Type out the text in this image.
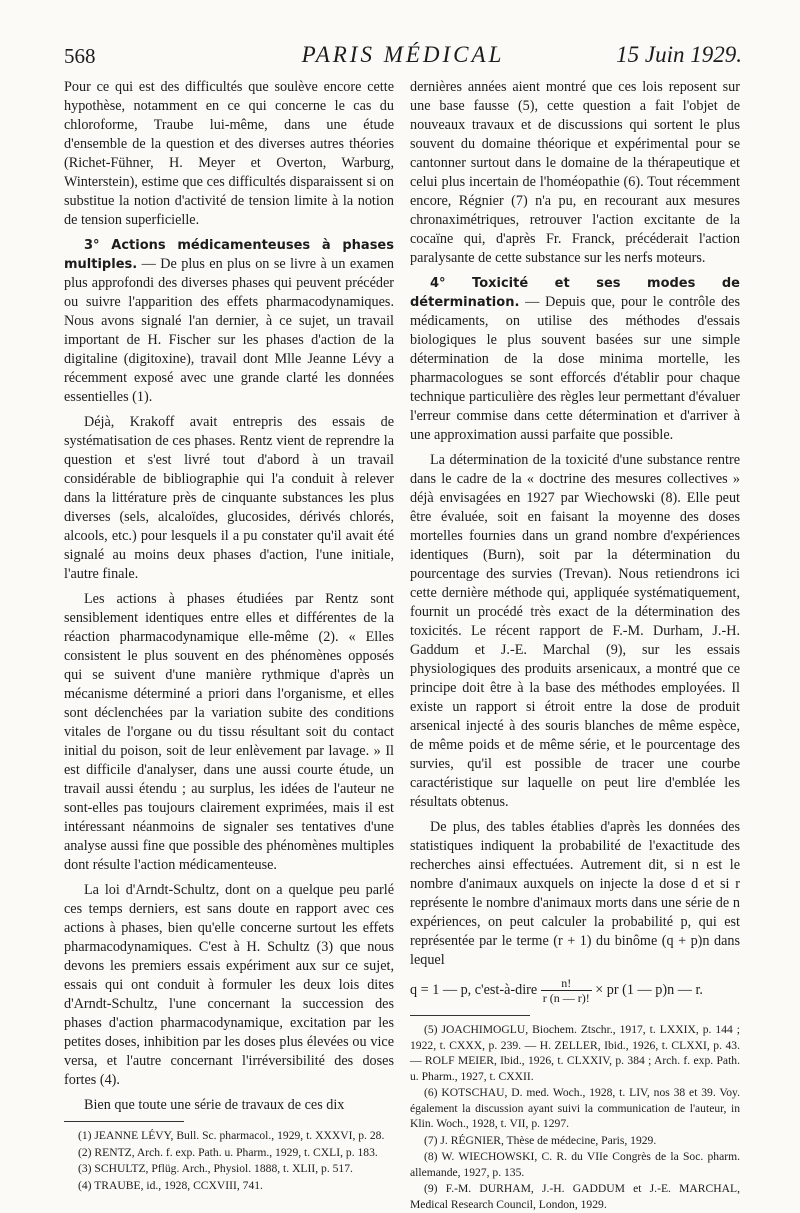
568	PARIS MÉDICAL	15 Juin 1929.

Pour ce qui est des difficultés que soulève encore cette hypothèse, notamment en ce qui concerne le cas du chloroforme, Traube lui-même, dans une étude d'ensemble de la question et des diverses autres théories (Richet-Fühner, H. Meyer et Overton, Warburg, Winterstein), estime que ces difficultés disparaissent si on substitue la notion d'activité de tension limite à la notion de tension superficielle.

3° Actions médicamenteuses à phases multiples. — De plus en plus on se livre à un examen plus approfondi des diverses phases qui peuvent précéder ou suivre l'apparition des effets pharmacodynamiques. Nous avons signalé l'an dernier, à ce sujet, un travail important de H. Fischer sur les phases d'action de la digitaline (digitoxine), travail dont Mlle Jeanne Lévy a récemment exposé avec une grande clarté les données essentielles (1).

Déjà, Krakoff avait entrepris des essais de systématisation de ces phases. Rentz vient de reprendre la question et s'est livré tout d'abord à un travail considérable de bibliographie qui l'a conduit à relever dans la littérature près de cinquante substances les plus diverses (sels, alcaloïdes, glucosides, dérivés chlorés, alcools, etc.) pour lesquels il a pu constater qu'il avait été signalé au moins deux phases d'action, l'une initiale, l'autre finale.

Les actions à phases étudiées par Rentz sont sensiblement identiques entre elles et différentes de la réaction pharmacodynamique elle-même (2). « Elles consistent le plus souvent en des phénomènes opposés qui se suivent d'une manière rythmique d'après un mécanisme déterminé a priori dans l'organisme, et elles sont déclenchées par la variation subite des conditions vitales de l'organe ou du tissu résultant soit du contact initial du poison, soit de leur enlèvement par lavage. » Il est difficile d'analyser, dans une aussi courte étude, un travail aussi étendu ; au surplus, les idées de l'auteur ne sont-elles pas toujours clairement exprimées, mais il est intéressant néanmoins de signaler ses tentatives d'une analyse aussi fine que possible des phénomènes multiples dont résulte l'action médicamenteuse.

La loi d'Arndt-Schultz, dont on a quelque peu parlé ces temps derniers, est sans doute en rapport avec ces actions à phases, bien qu'elle concerne surtout les effets pharmacodynamiques. C'est à H. Schultz (3) que nous devons les premiers essais expériment aux sur ce sujet, essais qui ont conduit à formuler les deux lois dites d'Arndt-Schultz, l'une concernant la succession des phases d'action pharmacodynamique, excitation par les petites doses, inhibition par les doses plus élevées ou vice versa, et l'autre concernant l'irréversibilité des doses fortes (4).

Bien que toute une série de travaux de ces dix

(1) JEANNE LÉVY, Bull. Sc. pharmacol., 1929, t. XXXVI, p. 28.
(2) RENTZ, Arch. f. exp. Path. u. Pharm., 1929, t. CXLI, p. 183.
(3) SCHULTZ, Pflüg. Arch., Physiol. 1888, t. XLII, p. 517.
(4) TRAUBE, id., 1928, CCXVIII, 741.

dernières années aient montré que ces lois reposent sur une base fausse (5), cette question a fait l'objet de nouveaux travaux et de discussions qui sortent le plus souvent du domaine théorique et expérimental pour se cantonner surtout dans le domaine de la thérapeutique et celui plus incertain de l'homéopathie (6). Tout récemment encore, Régnier (7) n'a pu, en recourant aux mesures chronaximétriques, retrouver l'action excitante de la cocaïne qui, d'après Fr. Franck, précéderait l'action paralysante de cette substance sur les nerfs moteurs.

4° Toxicité et ses modes de détermination. — Depuis que, pour le contrôle des médicaments, on utilise des méthodes d'essais biologiques le plus souvent basées sur une simple détermination de la dose minima mortelle, les pharmacologues se sont efforcés d'établir pour chaque technique particulière des règles leur permettant d'évaluer l'erreur commise dans cette détermination et d'arriver à une approximation aussi parfaite que possible.

La détermination de la toxicité d'une substance rentre dans le cadre de la « doctrine des mesures collectives » déjà envisagées en 1927 par Wiechowski (8). Elle peut être évaluée, soit en faisant la moyenne des doses mortelles fournies dans un grand nombre d'expériences identiques (Burn), soit par la détermination du pourcentage des survies (Trevan). Nous retiendrons ici cette dernière méthode qui, appliquée systématiquement, fournit un procédé très exact de la détermination des toxicités. Le récent rapport de F.-M. Durham, J.-H. Gaddum et J.-E. Marchal (9), sur les essais physiologiques des produits arsenicaux, a montré que ce principe doit être à la base des méthodes employées. Il existe un rapport si étroit entre la dose de produit arsenical injecté à des souris blanches de même espèce, de même poids et de même série, et le pourcentage des survies, qu'il est possible de tracer une courbe caractéristique sur laquelle on peut lire d'emblée les résultats obtenus.

De plus, des tables établies d'après les données des statistiques indiquent la probabilité de l'exactitude des recherches ainsi effectuées. Autrement dit, si n est le nombre d'animaux auxquels on injecte la dose d et si r représente le nombre d'animaux morts dans une série de n expériences, on peut calculer la probabilité p, qui est représentée par le terme (r + 1) du binôme (q + p)n dans lequel

q = 1 — p, c'est-à-dire $\frac{n!}{r (n — r)!}$ × pr (1 — p)n — r.
(5) JOACHIMOGLU, Biochem. Ztschr., 1917, t. LXXIX, p. 144 ; 1922, t. CXXX, p. 239. — H. ZELLER, Ibid., 1926, t. CLXXI, p. 43. — ROLF MEIER, Ibid., 1926, t. CLXXIV, p. 384 ; Arch. f. exp. Path. u. Pharm., 1927, t. CXXII.
(6) KOTSCHAU, D. med. Woch., 1928, t. LIV, nos 38 et 39. Voy. également la discussion ayant suivi la communication de l'auteur, in Klin. Woch., 1928, t. VII, p. 1297.
(7) J. RÉGNIER, Thèse de médecine, Paris, 1929.
(8) W. WIECHOWSKI, C. R. du VIIe Congrès de la Soc. pharm. allemande, 1927, p. 135.
(9) F.-M. DURHAM, J.-H. GADDUM et J.-E. MARCHAL, Medical Research Council, London, 1929.
